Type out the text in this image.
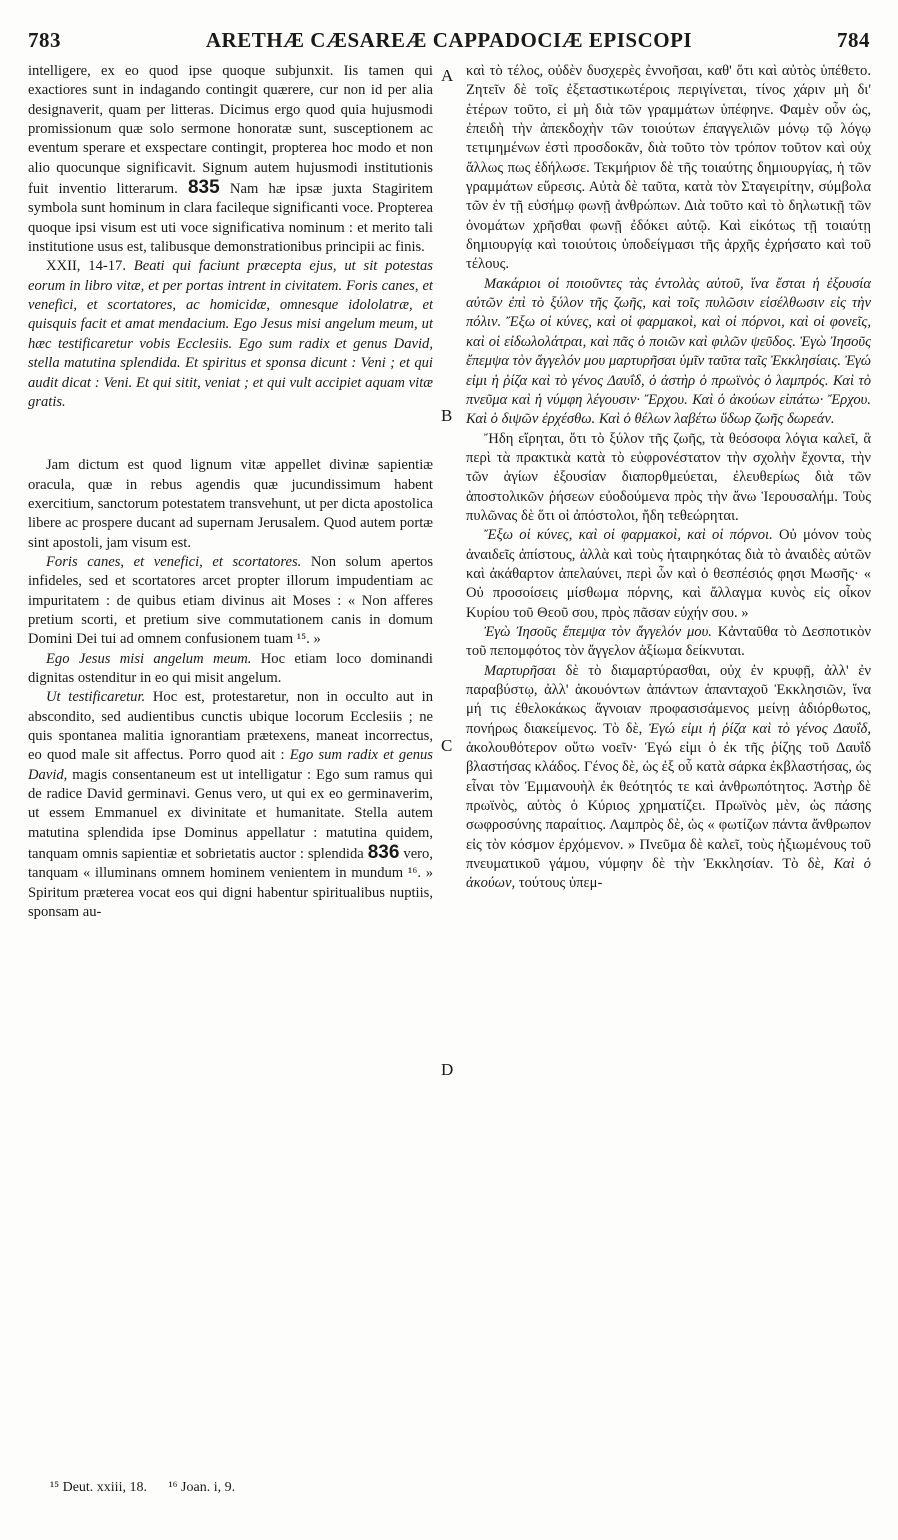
783	ARETHÆ CÆSAREÆ CAPPADOCIÆ EPISCOPI	784

intelligere, ex eo quod ipse quoque subjunxit. Iis tamen qui exactiores sunt in indagando contingit quærere, cur non id per alia designaverit, quam per litteras. Dicimus ergo quod quia hujusmodi promissionum quæ solo sermone honoratæ sunt, susceptionem ac eventum sperare et exspectare contingit, propterea hoc modo et non alio quocunque significavit. Signum autem hujusmodi institutionis fuit inventio litterarum. 835 Nam hæ ipsæ juxta Stagiritem symbola sunt hominum in clara facileque significanti voce. Propterea quoque ipsi visum est uti voce significativa nominum : et merito tali institutione usus est, talibusque demonstrationibus principii ac finis.

XXII, 14-17. Beati qui faciunt præcepta ejus, ut sit potestas eorum in libro vitæ, et per portas intrent in civitatem. Foris canes, et venefici, et scortatores, ac homicidæ, omnesque idololatræ, et quisquis facit et amat mendacium. Ego Jesus misi angelum meum, ut hæc testificaretur vobis Ecclesiis. Ego sum radix et genus David, stella matutina splendida. Et spiritus et sponsa dicunt : Veni ; et qui audit dicat : Veni. Et qui sitit, veniat ; et qui vult accipiet aquam vitæ gratis.

Jam dictum est quod lignum vitæ appellet divinæ sapientiæ oracula, quæ in rebus agendis quæ jucundissimum habent exercitium, sanctorum potestatem transvehunt, ut per dicta apostolica libere ac prospere ducant ad supernam Jerusalem. Quod autem portæ sint apostoli, jam visum est.

Foris canes, et venefici, et scortatores. Non solum apertos infideles, sed et scortatores arcet propter illorum impudentiam ac impuritatem : de quibus etiam divinus ait Moses : « Non afferes pretium scorti, et pretium sive commutationem canis in domum Domini Dei tui ad omnem confusionem tuam ¹⁵. »

Ego Jesus misi angelum meum. Hoc etiam loco dominandi dignitas ostenditur in eo qui misit angelum.

Ut testificaretur. Hoc est, protestaretur, non in occulto aut in abscondito, sed audientibus cunctis ubique locorum Ecclesiis ; ne quis spontanea malitia ignorantiam prætexens, maneat incorrectus, eo quod male sit affectus. Porro quod ait : Ego sum radix et genus David, magis consentaneum est ut intelligatur : Ego sum ramus qui de radice David germinavi. Genus vero, ut qui ex eo germinaverim, ut essem Emmanuel ex divinitate et humanitate. Stella autem matutina splendida ipse Dominus appellatur : matutina quidem, tanquam omnis sapientiæ et sobrietatis auctor : splendida 836 vero, tanquam « illuminans omnem hominem venientem in mundum ¹⁶. » Spiritum præterea vocat eos qui digni habentur spiritualibus nuptiis, sponsam au-

A
B
C
D

καὶ τὸ τέλος, οὐδὲν δυσχερὲς ἐννοῆσαι, καθ' ὅτι καὶ αὐτὸς ὑπέθετο. Ζητεῖν δὲ τοῖς ἐξεταστικωτέροις περιγίνεται, τίνος χάριν μὴ δι' ἑτέρων τοῦτο, εἰ μὴ διὰ τῶν γραμμάτων ὑπέφηνε. Φαμὲν οὖν ὡς, ἐπειδὴ τὴν ἀπεκδοχὴν τῶν τοιούτων ἐπαγγελιῶν μόνῳ τῷ λόγῳ τετιμημένων ἐστὶ προσδοκᾶν, διὰ τοῦτο τὸν τρόπον τοῦτον καὶ οὐχ ἄλλως πως ἐδήλωσε. Τεκμήριον δὲ τῆς τοιαύτης δημιουργίας, ἡ τῶν γραμμάτων εὕρεσις. Αὐτὰ δὲ ταῦτα, κατὰ τὸν Σταγειρίτην, σύμβολα τῶν ἐν τῇ εὐσήμῳ φωνῇ ἀνθρώπων. Διὰ τοῦτο καὶ τὸ δηλωτικῇ τῶν ὀνομάτων χρῆσθαι φωνῇ ἐδόκει αὐτῷ. Καὶ εἰκότως τῇ τοιαύτῃ δημιουργίᾳ καὶ τοιούτοις ὑποδείγμασι τῆς ἀρχῆς ἐχρήσατο καὶ τοῦ τέλους.

Μακάριοι οἱ ποιοῦντες τὰς ἐντολὰς αὐτοῦ, ἵνα ἔσται ἡ ἐξουσία αὐτῶν ἐπὶ τὸ ξύλον τῆς ζωῆς, καὶ τοῖς πυλῶσιν εἰσέλθωσιν εἰς τὴν πόλιν. Ἔξω οἱ κύνες, καὶ οἱ φαρμακοὶ, καὶ οἱ πόρνοι, καὶ οἱ φονεῖς, καὶ οἱ εἰδωλολάτραι, καὶ πᾶς ὁ ποιῶν καὶ φιλῶν ψεῦδος. Ἐγὼ Ἰησοῦς ἔπεμψα τὸν ἄγγελόν μου μαρτυρῆσαι ὑμῖν ταῦτα ταῖς Ἐκκλησίαις. Ἐγώ εἰμι ἡ ῥίζα καὶ τὸ γένος Δαυΐδ, ὁ ἀστὴρ ὁ πρωϊνὸς ὁ λαμπρός. Καὶ τὸ πνεῦμα καὶ ἡ νύμφη λέγουσιν· Ἔρχου. Καὶ ὁ ἀκούων εἰπάτω· Ἔρχου. Καὶ ὁ διψῶν ἐρχέσθω. Καὶ ὁ θέλων λαβέτω ὕδωρ ζωῆς δωρεάν.

Ἤδη εἴρηται, ὅτι τὸ ξύλον τῆς ζωῆς, τὰ θεόσοφα λόγια καλεῖ, ἃ περὶ τὰ πρακτικὰ κατὰ τὸ εὐφρονέστατον τὴν σχολὴν ἔχοντα, τὴν τῶν ἁγίων ἐξουσίαν διαπορθμεύεται, ἐλευθερίως διὰ τῶν ἀποστολικῶν ῥήσεων εὐοδούμενα πρὸς τὴν ἄνω Ἱερουσαλήμ. Τοὺς πυλῶνας δὲ ὅτι οἱ ἀπόστολοι, ἤδη τεθεώρηται.

Ἔξω οἱ κύνες, καὶ οἱ φαρμακοὶ, καὶ οἱ πόρνοι. Οὐ μόνον τοὺς ἀναιδεῖς ἀπίστους, ἀλλὰ καὶ τοὺς ἠταιρηκότας διὰ τὸ ἀναιδὲς αὐτῶν καὶ ἀκάθαρτον ἀπελαύνει, περὶ ὧν καὶ ὁ θεσπέσιός φησι Μωσῆς· « Οὐ προσοίσεις μίσθωμα πόρνης, καὶ ἄλλαγμα κυνὸς εἰς οἶκον Κυρίου τοῦ Θεοῦ σου, πρὸς πᾶσαν εὐχήν σου. »

Ἐγὼ Ἰησοῦς ἔπεμψα τὸν ἄγγελόν μου. Κἀνταῦθα τὸ Δεσποτικὸν τοῦ πεπομφότος τὸν ἄγγελον ἀξίωμα δείκνυται.

Μαρτυρῆσαι δὲ τὸ διαμαρτύρασθαι, οὐχ ἐν κρυφῇ, ἀλλ' ἐν παραβύστῳ, ἀλλ' ἀκουόντων ἁπάντων ἁπανταχοῦ Ἐκκλησιῶν, ἵνα μή τις ἐθελοκάκως ἄγνοιαν προφασισάμενος μείνῃ ἀδιόρθωτος, πονήρως διακείμενος. Τὸ δὲ, Ἐγώ εἰμι ἡ ῥίζα καὶ τὸ γένος Δαυΐδ, ἀκολουθότερον οὕτω νοεῖν· Ἐγώ εἰμι ὁ ἐκ τῆς ῥίζης τοῦ Δαυΐδ βλαστήσας κλάδος. Γένος δὲ, ὡς ἐξ οὗ κατὰ σάρκα ἐκβλαστήσας, ὡς εἶναι τὸν Ἐμμανουὴλ ἐκ θεότητός τε καὶ ἀνθρωπότητος. Ἀστὴρ δὲ πρωϊνὸς, αὐτὸς ὁ Κύριος χρηματίζει. Πρωϊνὸς μὲν, ὡς πάσης σωφροσύνης παραίτιος. Λαμπρὸς δὲ, ὡς « φωτίζων πάντα ἄνθρωπον εἰς τὸν κόσμον ἐρχόμενον. » Πνεῦμα δὲ καλεῖ, τοὺς ἠξιωμένους τοῦ πνευματικοῦ γάμου, νύμφην δὲ τὴν Ἐκκλησίαν. Τὸ δὲ, Καὶ ὁ ἀκούων, τούτους ὑπεμ-

¹⁵ Deut. xxiii, 18. ¹⁶ Joan. i, 9.
